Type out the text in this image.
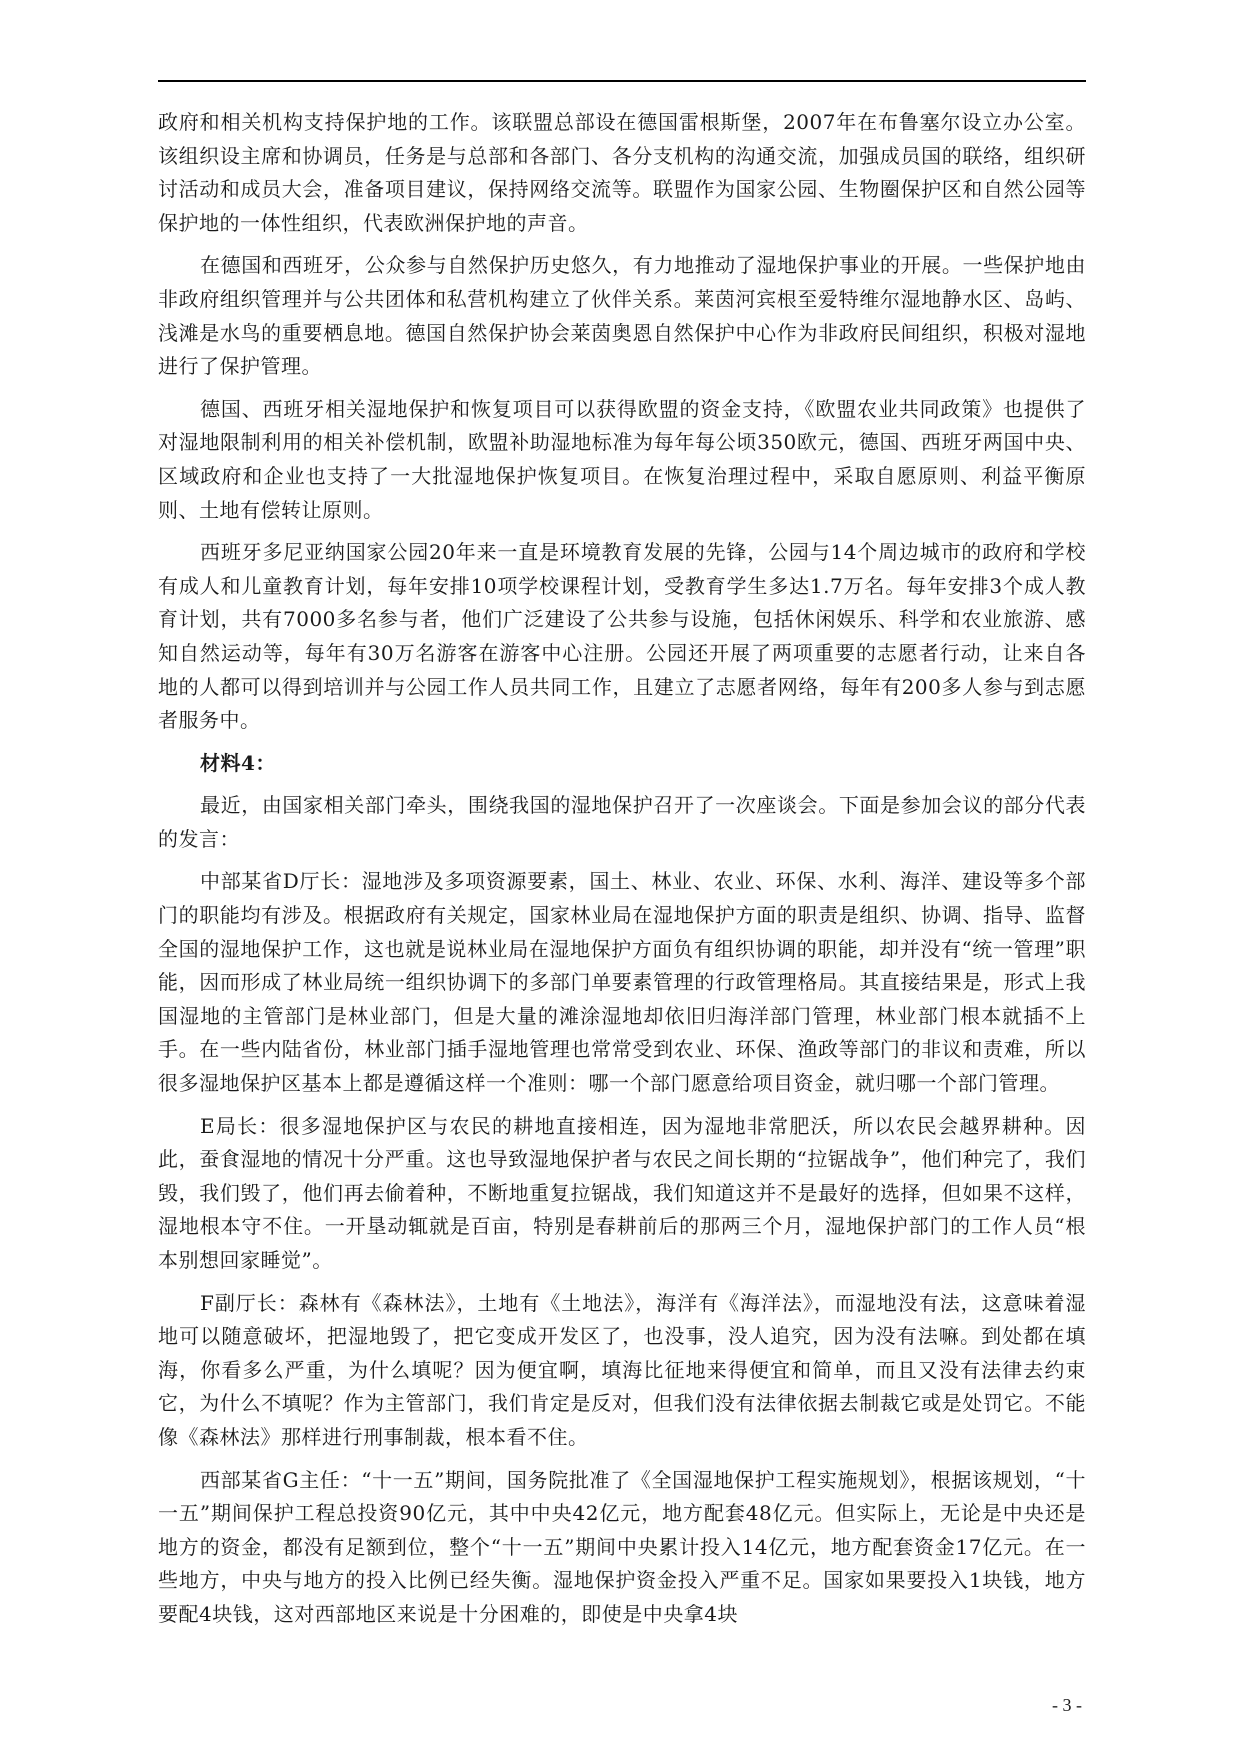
政府和相关机构支持保护地的工作。该联盟总部设在德国雷根斯堡，2007年在布鲁塞尔设立办公室。该组织设主席和协调员，任务是与总部和各部门、各分支机构的沟通交流，加强成员国的联络，组织研讨活动和成员大会，准备项目建议，保持网络交流等。联盟作为国家公园、生物圈保护区和自然公园等保护地的一体性组织，代表欧洲保护地的声音。

在德国和西班牙，公众参与自然保护历史悠久，有力地推动了湿地保护事业的开展。一些保护地由非政府组织管理并与公共团体和私营机构建立了伙伴关系。莱茵河宾根至爱特维尔湿地静水区、岛屿、浅滩是水鸟的重要栖息地。德国自然保护协会莱茵奥恩自然保护中心作为非政府民间组织，积极对湿地进行了保护管理。

德国、西班牙相关湿地保护和恢复项目可以获得欧盟的资金支持，《欧盟农业共同政策》也提供了对湿地限制利用的相关补偿机制，欧盟补助湿地标准为每年每公顷350欧元，德国、西班牙两国中央、区域政府和企业也支持了一大批湿地保护恢复项目。在恢复治理过程中，采取自愿原则、利益平衡原则、土地有偿转让原则。

西班牙多尼亚纳国家公园20年来一直是环境教育发展的先锋，公园与14个周边城市的政府和学校有成人和儿童教育计划，每年安排10项学校课程计划，受教育学生多达1.7万名。每年安排3个成人教育计划，共有7000多名参与者，他们广泛建设了公共参与设施，包括休闲娱乐、科学和农业旅游、感知自然运动等，每年有30万名游客在游客中心注册。公园还开展了两项重要的志愿者行动，让来自各地的人都可以得到培训并与公园工作人员共同工作，且建立了志愿者网络，每年有200多人参与到志愿者服务中。

材料4：

最近，由国家相关部门牵头，围绕我国的湿地保护召开了一次座谈会。下面是参加会议的部分代表的发言：

中部某省D厅长：湿地涉及多项资源要素，国土、林业、农业、环保、水利、海洋、建设等多个部门的职能均有涉及。根据政府有关规定，国家林业局在湿地保护方面的职责是组织、协调、指导、监督全国的湿地保护工作，这也就是说林业局在湿地保护方面负有组织协调的职能，却并没有“统一管理”职能，因而形成了林业局统一组织协调下的多部门单要素管理的行政管理格局。其直接结果是，形式上我国湿地的主管部门是林业部门，但是大量的滩涂湿地却依旧归海洋部门管理，林业部门根本就插不上手。在一些内陆省份，林业部门插手湿地管理也常常受到农业、环保、渔政等部门的非议和责难，所以很多湿地保护区基本上都是遵循这样一个准则：哪一个部门愿意给项目资金，就归哪一个部门管理。

E局长：很多湿地保护区与农民的耕地直接相连，因为湿地非常肥沃，所以农民会越界耕种。因此，蚕食湿地的情况十分严重。这也导致湿地保护者与农民之间长期的“拉锯战争”，他们种完了，我们毁，我们毁了，他们再去偷着种，不断地重复拉锯战，我们知道这并不是最好的选择，但如果不这样，湿地根本守不住。一开垦动辄就是百亩，特别是春耕前后的那两三个月，湿地保护部门的工作人员“根本别想回家睡觉”。

F副厅长：森林有《森林法》，土地有《土地法》，海洋有《海洋法》，而湿地没有法，这意味着湿地可以随意破坏，把湿地毁了，把它变成开发区了，也没事，没人追究，因为没有法嘛。到处都在填海，你看多么严重，为什么填呢？因为便宜啊，填海比征地来得便宜和简单，而且又没有法律去约束它，为什么不填呢？作为主管部门，我们肯定是反对，但我们没有法律依据去制裁它或是处罚它。不能像《森林法》那样进行刑事制裁，根本看不住。

西部某省G主任：“十一五”期间，国务院批准了《全国湿地保护工程实施规划》，根据该规划，“十一五”期间保护工程总投资90亿元，其中中央42亿元，地方配套48亿元。但实际上，无论是中央还是地方的资金，都没有足额到位，整个“十一五”期间中央累计投入14亿元，地方配套资金17亿元。在一些地方，中央与地方的投入比例已经失衡。湿地保护资金投入严重不足。国家如果要投入1块钱，地方要配4块钱，这对西部地区来说是十分困难的，即使是中央拿4块

- 3 -
